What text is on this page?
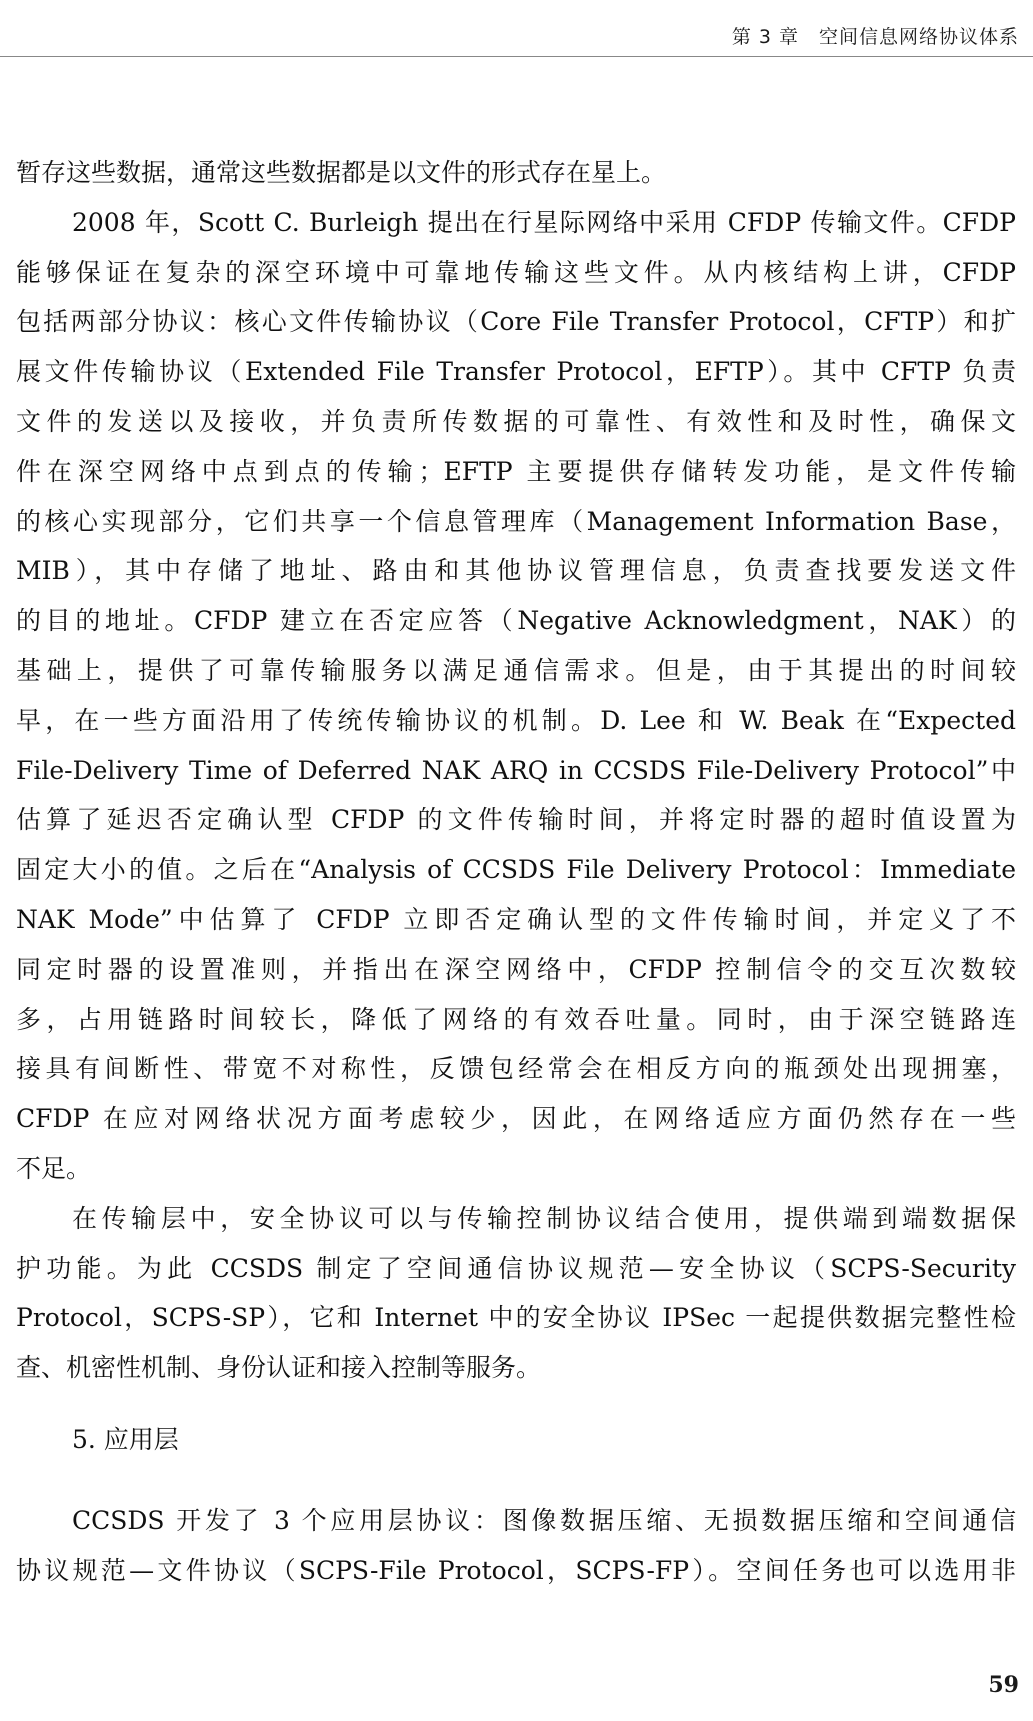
第 3 章　空间信息网络协议体系
暂存这些数据，通常这些数据都是以文件的形式存在星上。
2008 年，Scott C. Burleigh 提出在行星际网络中采用 CFDP 传输文件。CFDP
能够保证在复杂的深空环境中可靠地传输这些文件。从内核结构上讲，CFDP
包括两部分协议：核心文件传输协议（Core File Transfer Protocol，CFTP）和扩
展文件传输协议（Extended File Transfer Protocol，EFTP）。其中 CFTP 负责
文件的发送以及接收，并负责所传数据的可靠性、有效性和及时性，确保文
件在深空网络中点到点的传输；EFTP 主要提供存储转发功能，是文件传输
的核心实现部分，它们共享一个信息管理库（Management Information Base，
MIB），其中存储了地址、路由和其他协议管理信息，负责查找要发送文件
的目的地址。CFDP 建立在否定应答（Negative Acknowledgment，NAK）的
基础上，提供了可靠传输服务以满足通信需求。但是，由于其提出的时间较
早，在一些方面沿用了传统传输协议的机制。D. Lee 和 W. Beak 在“Expected
File-Delivery Time of Deferred NAK ARQ in CCSDS File-Delivery Protocol”中
估算了延迟否定确认型 CFDP 的文件传输时间，并将定时器的超时值设置为
固定大小的值。之后在“Analysis of CCSDS File Delivery Protocol：Immediate
NAK Mode”中估算了 CFDP 立即否定确认型的文件传输时间，并定义了不
同定时器的设置准则，并指出在深空网络中，CFDP 控制信令的交互次数较
多，占用链路时间较长，降低了网络的有效吞吐量。同时，由于深空链路连
接具有间断性、带宽不对称性，反馈包经常会在相反方向的瓶颈处出现拥塞，
CFDP 在应对网络状况方面考虑较少，因此，在网络适应方面仍然存在一些
不足。
在传输层中，安全协议可以与传输控制协议结合使用，提供端到端数据保
护功能。为此 CCSDS 制定了空间通信协议规范—安全协议（SCPS-Security
Protocol，SCPS-SP），它和 Internet 中的安全协议 IPSec 一起提供数据完整性检
查、机密性机制、身份认证和接入控制等服务。
5. 应用层
CCSDS 开发了 3 个应用层协议：图像数据压缩、无损数据压缩和空间通信
协议规范—文件协议（SCPS-File Protocol，SCPS-FP）。空间任务也可以选用非
59
